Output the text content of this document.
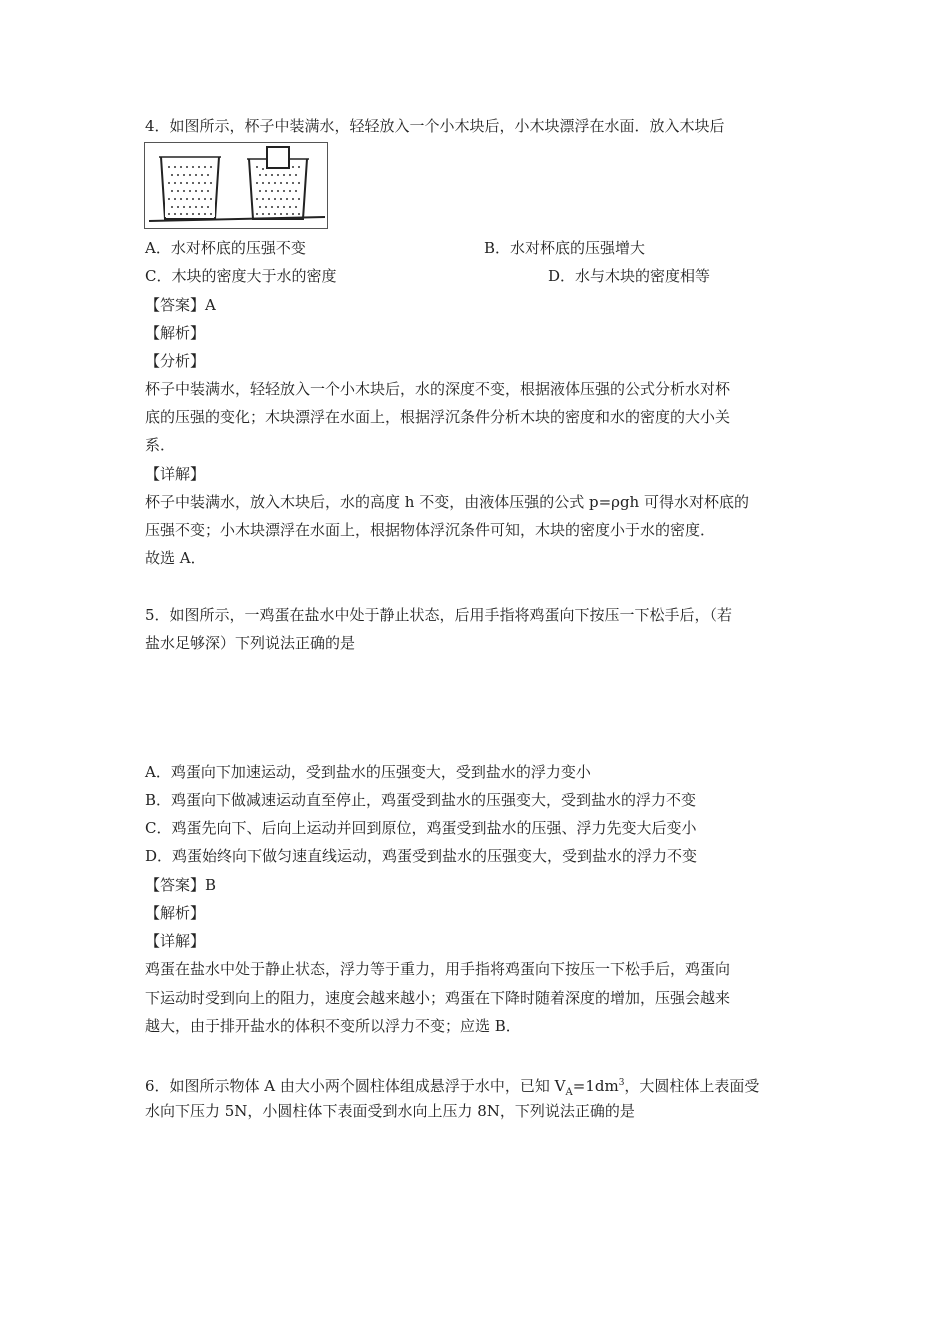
4．如图所示，杯子中装满水，轻轻放入一个小木块后，小木块漂浮在水面．放入木块后
A．水对杯底的压强不变	B．水对杯底的压强增大
C．木块的密度大于水的密度	D．水与木块的密度相等
【答案】A
【解析】
【分析】
杯子中装满水，轻轻放入一个小木块后，水的深度不变，根据液体压强的公式分析水对杯
底的压强的变化；木块漂浮在水面上，根据浮沉条件分析木块的密度和水的密度的大小关
系．
【详解】
杯子中装满水，放入木块后，水的高度 h 不变，由液体压强的公式 p=ρgh 可得水对杯底的
压强不变；小木块漂浮在水面上，根据物体浮沉条件可知，木块的密度小于水的密度．
故选 A．
5．如图所示，一鸡蛋在盐水中处于静止状态，后用手指将鸡蛋向下按压一下松手后，（若
盐水足够深）下列说法正确的是
A．鸡蛋向下加速运动，受到盐水的压强变大，受到盐水的浮力变小
B．鸡蛋向下做减速运动直至停止，鸡蛋受到盐水的压强变大，受到盐水的浮力不变
C．鸡蛋先向下、后向上运动并回到原位，鸡蛋受到盐水的压强、浮力先变大后变小
D．鸡蛋始终向下做匀速直线运动，鸡蛋受到盐水的压强变大，受到盐水的浮力不变
【答案】B
【解析】
【详解】
鸡蛋在盐水中处于静止状态，浮力等于重力，用手指将鸡蛋向下按压一下松手后，鸡蛋向
下运动时受到向上的阻力，速度会越来越小；鸡蛋在下降时随着深度的增加，压强会越来
越大，由于排开盐水的体积不变所以浮力不变；应选 B．
6．如图所示物体 A 由大小两个圆柱体组成悬浮于水中，已知 $V_A=1dm^3$，大圆柱体上表面受
水向下压力 5N，小圆柱体下表面受到水向上压力 8N，下列说法正确的是
